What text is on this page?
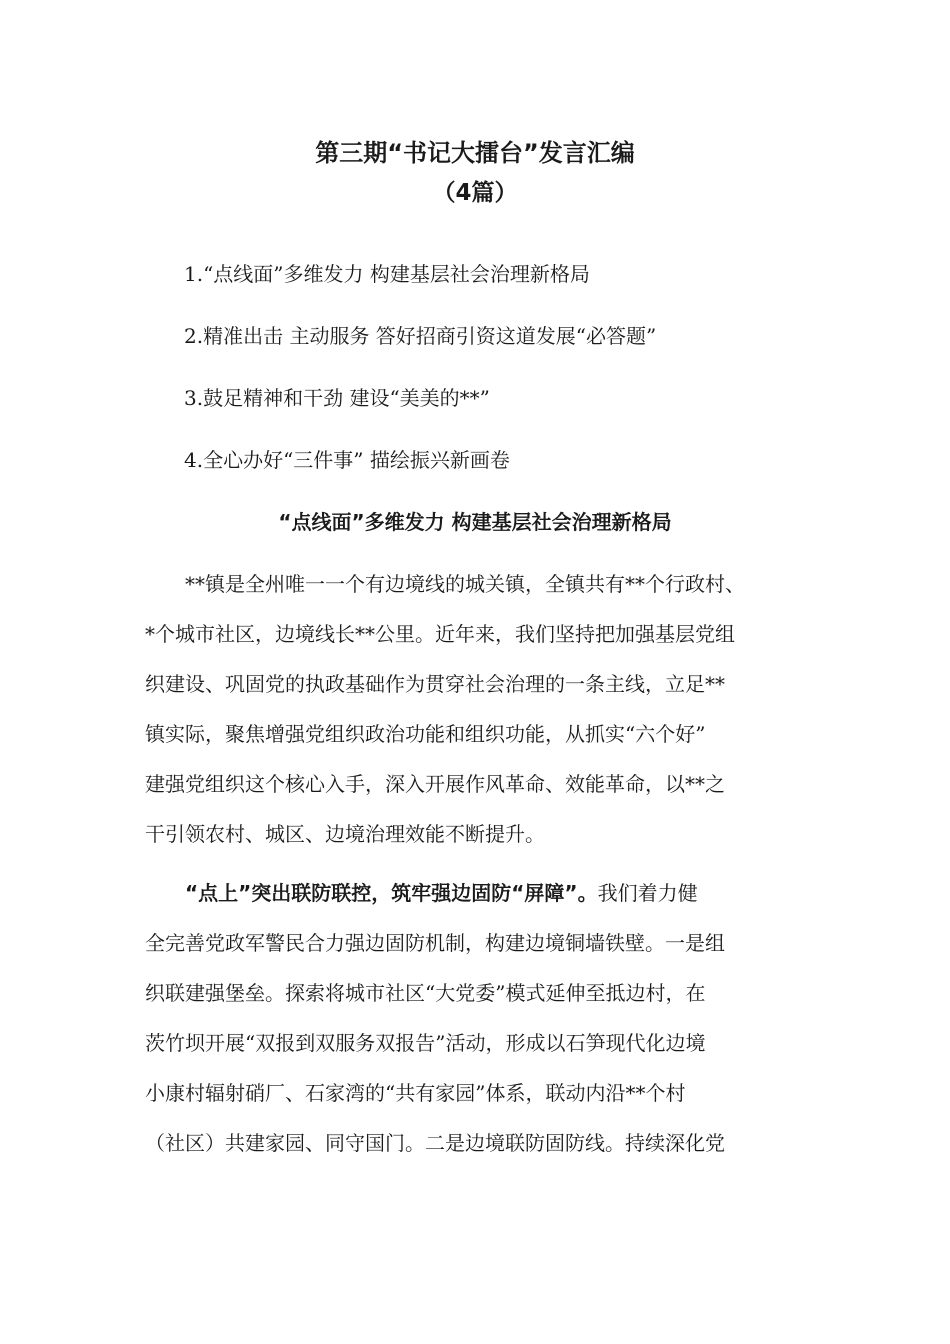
第三期“书记大擂台”发言汇编
（4篇）
1.“点线面”多维发力 构建基层社会治理新格局
2.精准出击 主动服务 答好招商引资这道发展“必答题”
3.鼓足精神和干劲 建设“美美的**”
4.全心办好“三件事” 描绘振兴新画卷
“点线面”多维发力 构建基层社会治理新格局
**镇是全州唯一一个有边境线的城关镇，全镇共有**个行政村、
*个城市社区，边境线长**公里。近年来，我们坚持把加强基层党组
织建设、巩固党的执政基础作为贯穿社会治理的一条主线，立足**
镇实际，聚焦增强党组织政治功能和组织功能，从抓实“六个好”
建强党组织这个核心入手，深入开展作风革命、效能革命，以**之
干引领农村、城区、边境治理效能不断提升。
“点上”突出联防联控，筑牢强边固防“屏障”。我们着力健
全完善党政军警民合力强边固防机制，构建边境铜墙铁壁。一是组
织联建强堡垒。探索将城市社区“大党委”模式延伸至抵边村，在
茨竹坝开展“双报到双服务双报告”活动，形成以石笋现代化边境
小康村辐射硝厂、石家湾的“共有家园”体系，联动内沿**个村
（社区）共建家园、同守国门。二是边境联防固防线。持续深化党
